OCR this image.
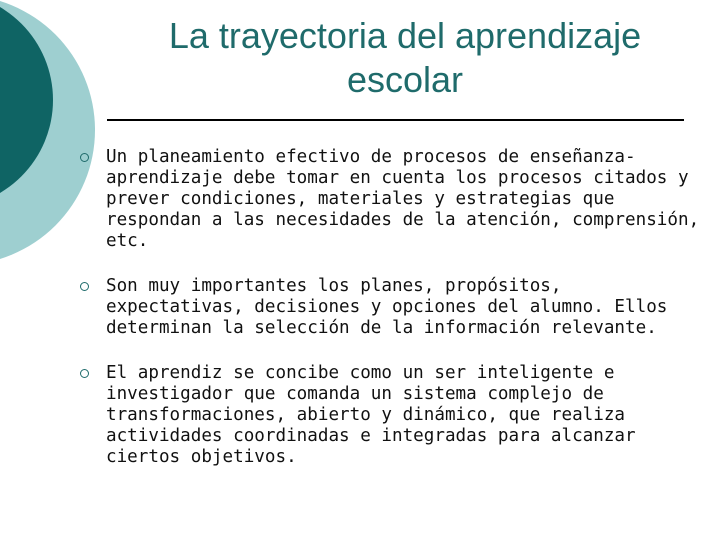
La trayectoria del aprendizaje escolar
Un planeamiento efectivo de procesos de enseñanza-aprendizaje debe tomar en cuenta los procesos citados y prever condiciones, materiales y estrategias que respondan a las necesidades de la atención, comprensión, etc.
Son muy importantes los planes, propósitos, expectativas, decisiones y opciones del alumno. Ellos determinan la selección de la información relevante.
El aprendiz se concibe como un ser inteligente e investigador que comanda un sistema complejo de transformaciones, abierto y dinámico, que realiza actividades coordinadas e integradas para alcanzar ciertos objetivos.
